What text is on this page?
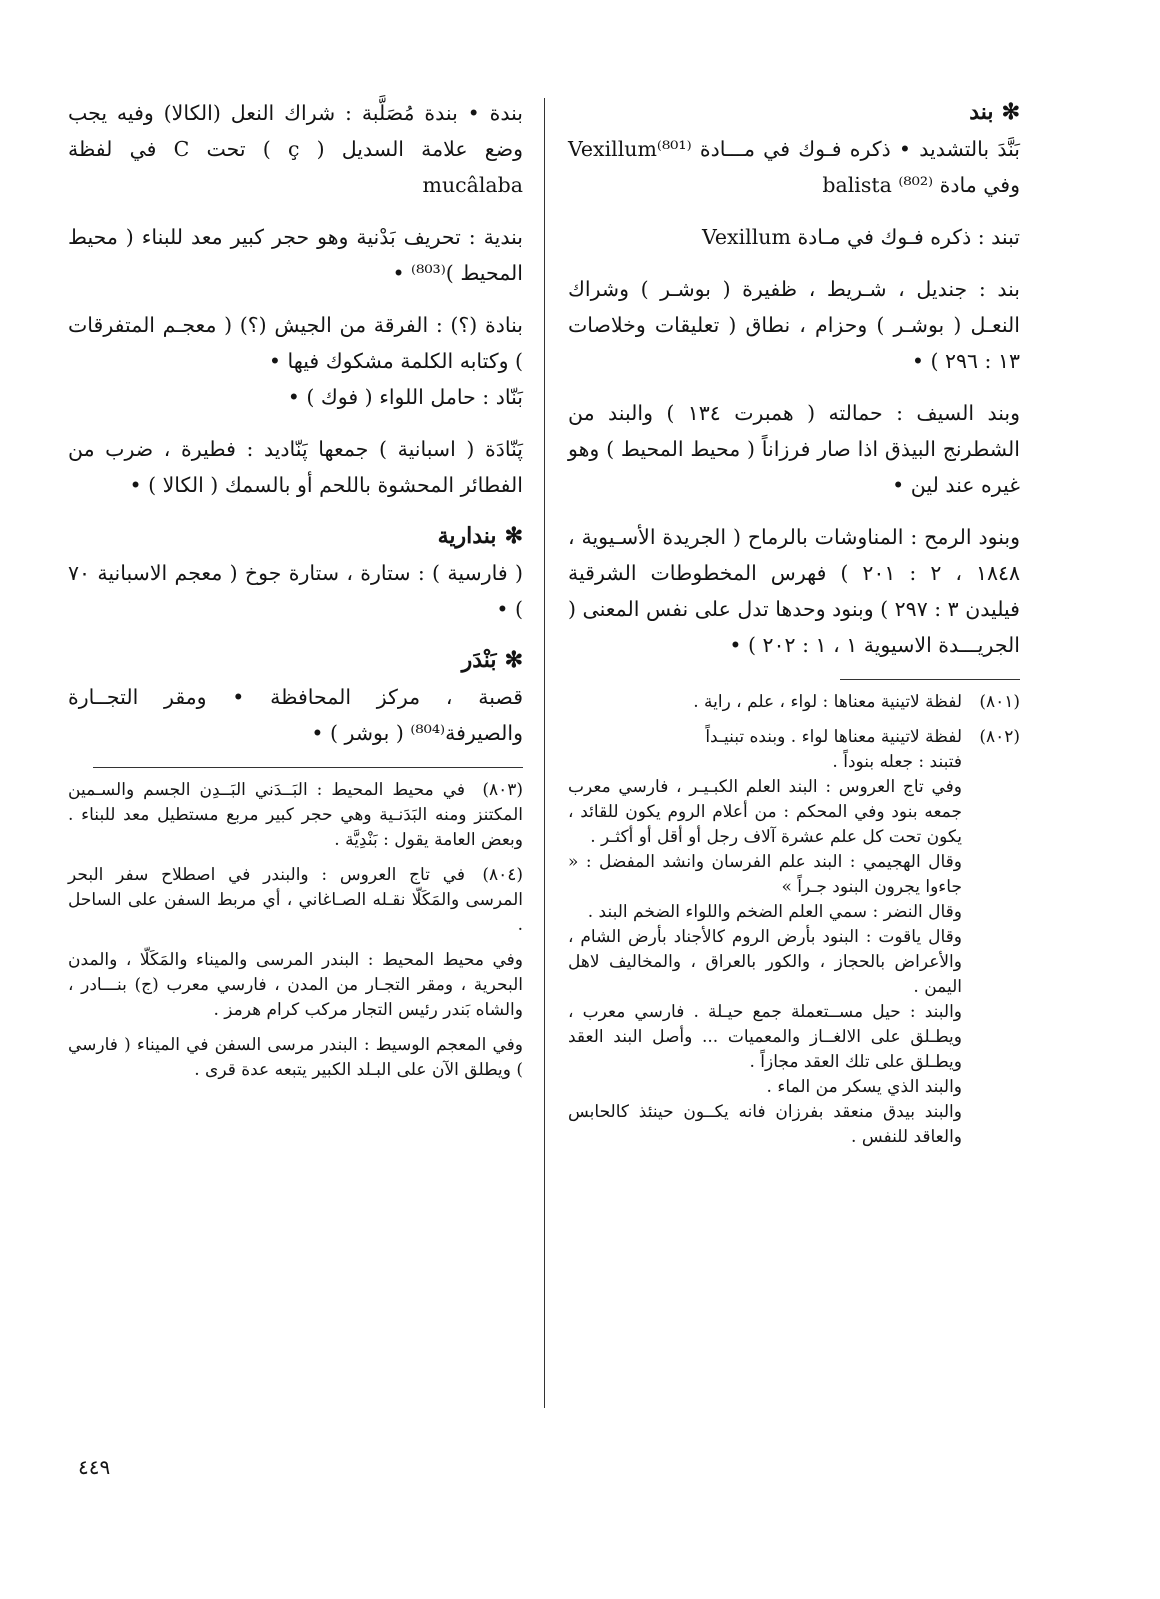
✻بند

بَنَّدَ بالتشديد • ذكره فـوك في مـــادة Vexillum⁽⁸⁰¹⁾ وفي مادة balista ⁽⁸⁰²⁾

تبند : ذكره فـوك في مـادة Vexillum

بند : جنديل ، شـريط ، ظفيرة ( بوشـر ) وشراك النعـل ( بوشـر ) وحزام ، نطاق ( تعليقات وخلاصات ١٣ : ٢٩٦ ) •

وبند السيف : حمالته ( همبرت ١٣٤ ) والبند من الشطرنج البيذق اذا صار فرزاناً ( محيط المحيط ) وهو غيره عند لين •

وبنود الرمح : المناوشات بالرماح ( الجريدة الأسـيوية ، ١٨٤٨ ، ٢ : ٢٠١ ) فهرس المخطوطات الشرقية فيليدن ٣ : ٢٩٧ ) وبنود وحدها تدل على نفس المعنى ( الجريـــدة الاسيوية ١ ، ١ : ٢٠٢ ) •

(٨٠١)لفظة لاتينية معناها : لواء ، علم ، راية .

(٨٠٢)لفظة لاتينية معناها لواء . وبنده تبنيـداً

فتبند : جعله بنوداً .

وفي تاج العروس : البند العلم الكبـيـر ، فارسي معرب جمعه بنود وفي المحكم : من أعلام الروم يكون للقائد ، يكون تحت كل علم عشرة آلاف رجل أو أقل أو أكثـر .

وقال الهجيمي : البند علم الفرسان وانشد المفضل : « جاءوا يجرون البنود جـراً »

وقال النضر : سمي العلم الضخم واللواء الضخم البند .

وقال ياقوت : البنود بأرض الروم كالأجناد بأرض الشام ، والأعراض بالحجاز ، والكور بالعراق ، والمخاليف لاهل اليمن .

والبند : حيل مســتعملة جمع حيـلة . فارسي معرب ، ويطـلق على الالغــاز والمعميات ... وأصل البند العقد ويطـلق على تلك العقد مجازاً .

والبند الذي يسكر من الماء .

والبند بيدق منعقد بفرزان فانه يكــون حينئذ كالحابس والعاقد للنفس .

بندة • بندة مُصَلَّبة : شراك النعل (الكالا) وفيه يجب وضع علامة السديل ( ç ) تحت C في لفظة mucâlaba

بندية : تحريف بَدْنية وهو حجر كبير معد للبناء ( محيط المحيط )⁽⁸⁰³⁾ •

بنادة (؟) : الفرقة من الجيش (؟) ( معجـم المتفرقات ) وكتابه الكلمة مشكوك فيها •

بَنّاد : حامل اللواء ( فوك ) •

پَنّادَة ( اسبانية ) جمعها پَنّاديد : فطيرة ، ضرب من الفطائر المحشوة باللحم أو بالسمك ( الكالا ) •

✻بندارية

( فارسية ) : ستارة ، ستارة جوخ ( معجم الاسبانية ٧٠ ) •

✻بَنْدَر

قصبة ، مركز المحافظة • ومقر التجــارة والصيرفة⁽⁸⁰⁴⁾ ( بوشر ) •

(٨٠٣)في محيط المحيط : البَــدَني البَــدِن الجسم والسـمين المكتنز ومنه البَدَنـية وهي حجر كبير مربع مستطيل معد للبناء . وبعض العامة يقول : بَنْدِيَّة .

(٨٠٤)في تاج العروس : والبندر في اصطلاح سفر البحر المرسى والمَكَلّا نقـله الصـاغاني ، أي مربط السفن على الساحل .

وفي محيط المحيط : البندر المرسى والميناء والمَكَلّا ، والمدن البحرية ، ومقر التجـار من المدن ، فارسي معرب (ج) بنـــادر ، والشاه بَندر رئيس التجار مركب كرام هرمز .

وفي المعجم الوسيط : البندر مرسى السفن في الميناء ( فارسي ) ويطلق الآن على البـلد الكبير يتبعه عدة قرى .

٤٤٩
